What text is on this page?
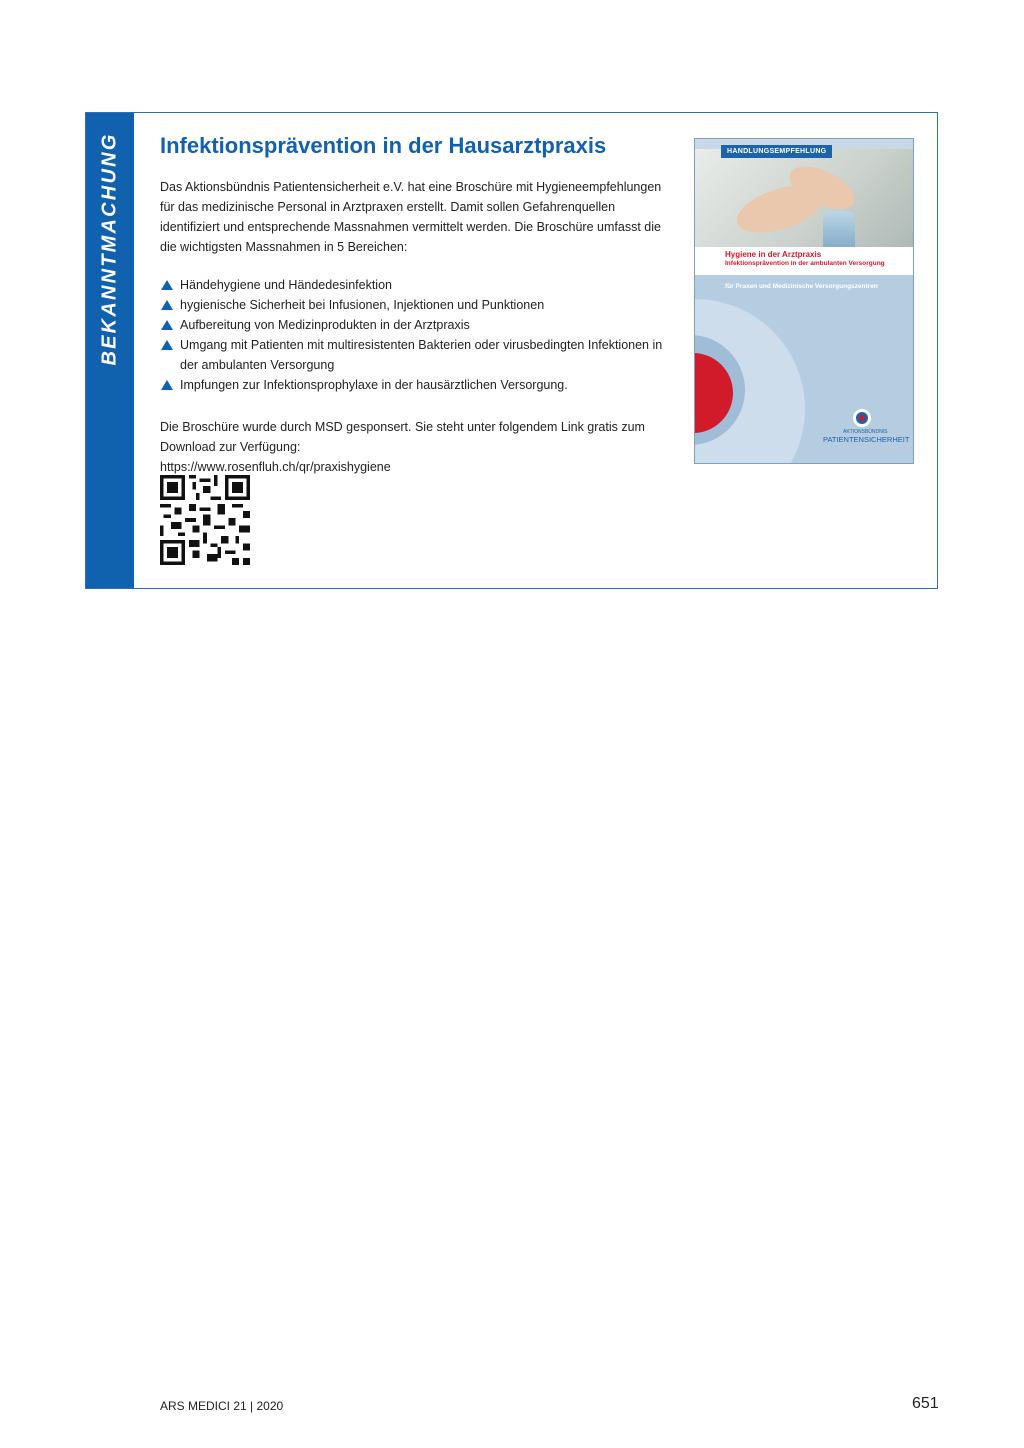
BEKANNTMACHUNG Infektionsprävention in der Hausarztpraxis

Das Aktionsbündnis Patientensicherheit e.V. hat eine Broschüre mit Hygieneempfehlungen für das medizinische Personal in Arztpraxen erstellt. Damit sollen Gefahrenquellen identifiziert und entsprechende Massnahmen vermittelt werden. Die Broschüre umfasst die die wichtigsten Massnahmen in 5 Bereichen:

Händehygiene und Händedesinfektion
hygienische Sicherheit bei Infusionen, Injektionen und Punktionen
Aufbereitung von Medizinprodukten in der Arztpraxis
Umgang mit Patienten mit multiresistenten Bakterien oder virusbedingten Infektionen in der ambulanten Versorgung
Impfungen zur Infektionsprophylaxe in der hausärztlichen Versorgung.
Die Broschüre wurde durch MSD gesponsert. Sie steht unter folgendem Link gratis zum Download zur Verfügung:
https://www.rosenfluh.ch/qr/praxishygiene
HANDLUNGSEMPFEHLUNG
Hygiene in der Arztpraxis
Infektionsprävention in der ambulanten Versorgung
für Praxen und Medizinische Versorgungszentren
AKTIONSBÜNDNIS
PATIENTENSICHERHEIT
ARS MEDICI 21 | 2020	651
